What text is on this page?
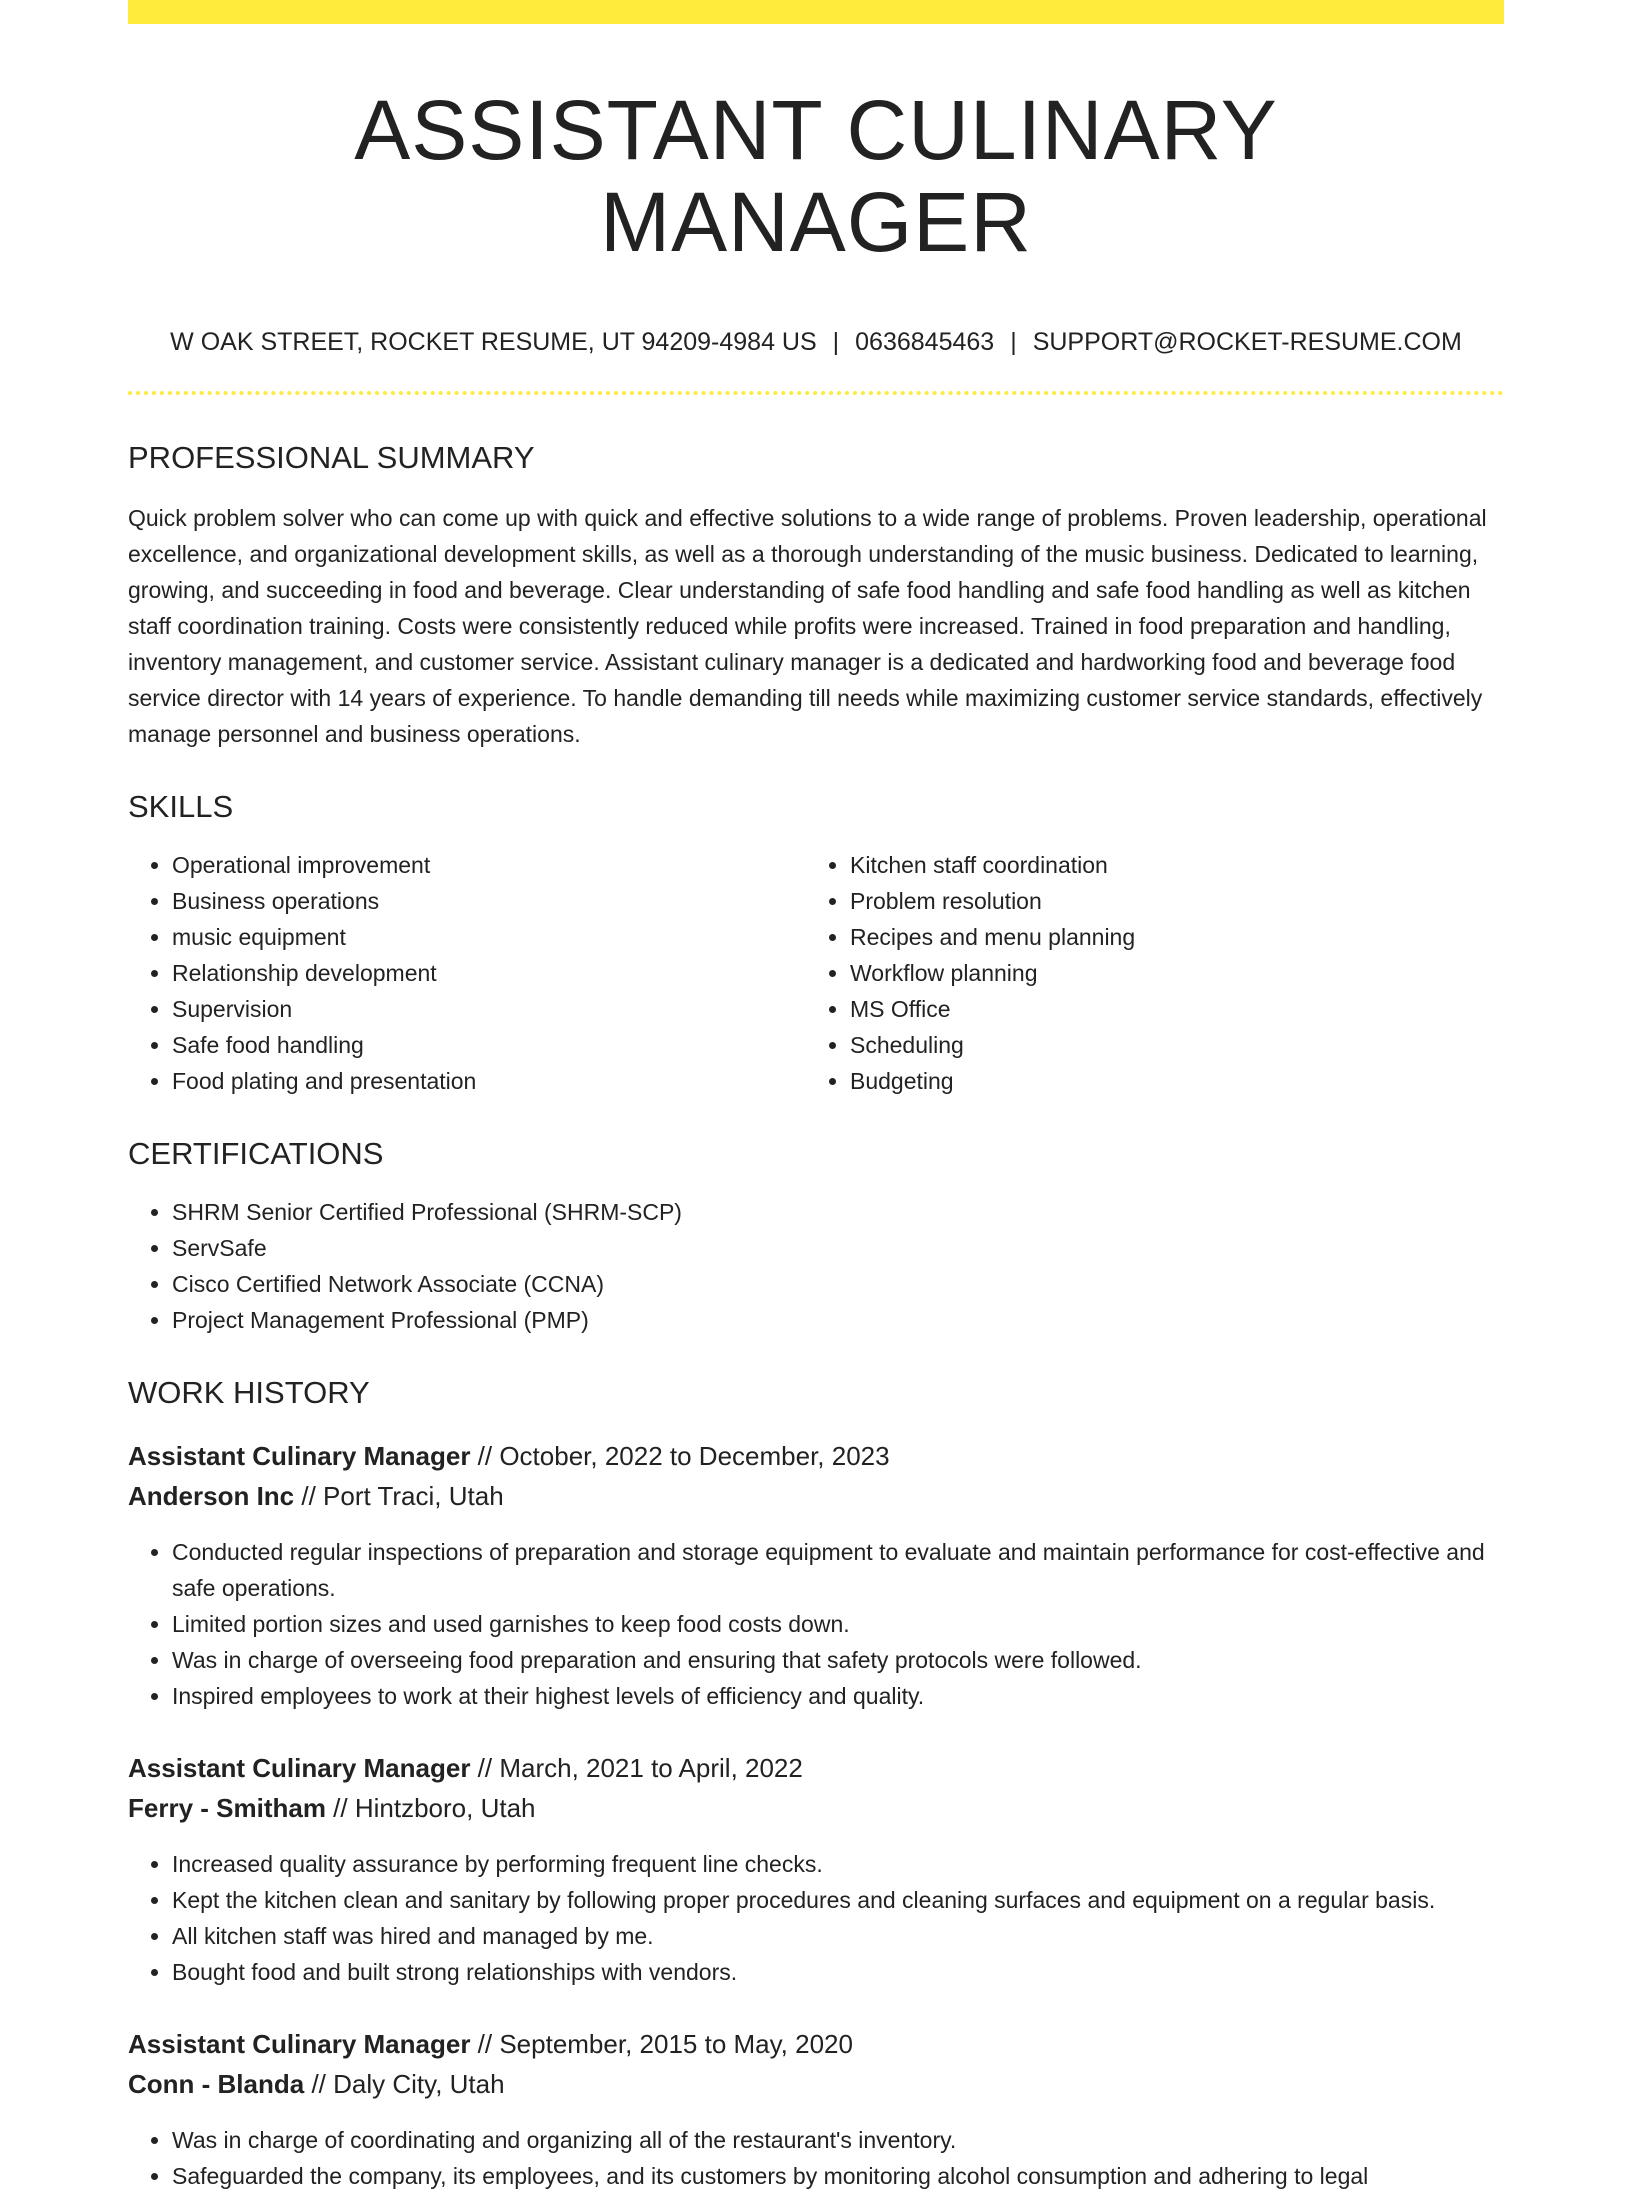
ASSISTANT CULINARY MANAGER
W OAK STREET, ROCKET RESUME, UT 94209-4984 US | 0636845463 | SUPPORT@ROCKET-RESUME.COM
PROFESSIONAL SUMMARY

Quick problem solver who can come up with quick and effective solutions to a wide range of problems. Proven leadership, operational excellence, and organizational development skills, as well as a thorough understanding of the music business. Dedicated to learning, growing, and succeeding in food and beverage. Clear understanding of safe food handling and safe food handling as well as kitchen staff coordination training. Costs were consistently reduced while profits were increased. Trained in food preparation and handling, inventory management, and customer service. Assistant culinary manager is a dedicated and hardworking food and beverage food service director with 14 years of experience. To handle demanding till needs while maximizing customer service standards, effectively manage personnel and business operations.

SKILLS
• Operational improvement
• Business operations
• music equipment
• Relationship development
• Supervision
• Safe food handling
• Food plating and presentation
• Kitchen staff coordination
• Problem resolution
• Recipes and menu planning
• Workflow planning
• MS Office
• Scheduling
• Budgeting
CERTIFICATIONS
• SHRM Senior Certified Professional (SHRM-SCP)
• ServSafe
• Cisco Certified Network Associate (CCNA)
• Project Management Professional (PMP)
WORK HISTORY
Assistant Culinary Manager // October, 2022 to December, 2023
Anderson Inc // Port Traci, Utah
• Conducted regular inspections of preparation and storage equipment to evaluate and maintain performance for cost-effective and safe operations.
• Limited portion sizes and used garnishes to keep food costs down.
• Was in charge of overseeing food preparation and ensuring that safety protocols were followed.
• Inspired employees to work at their highest levels of efficiency and quality.
Assistant Culinary Manager // March, 2021 to April, 2022
Ferry - Smitham // Hintzboro, Utah
• Increased quality assurance by performing frequent line checks.
• Kept the kitchen clean and sanitary by following proper procedures and cleaning surfaces and equipment on a regular basis.
• All kitchen staff was hired and managed by me.
• Bought food and built strong relationships with vendors.
Assistant Culinary Manager // September, 2015 to May, 2020
Conn - Blanda // Daly City, Utah
• Was in charge of coordinating and organizing all of the restaurant's inventory.
• Safeguarded the company, its employees, and its customers by monitoring alcohol consumption and adhering to legal
